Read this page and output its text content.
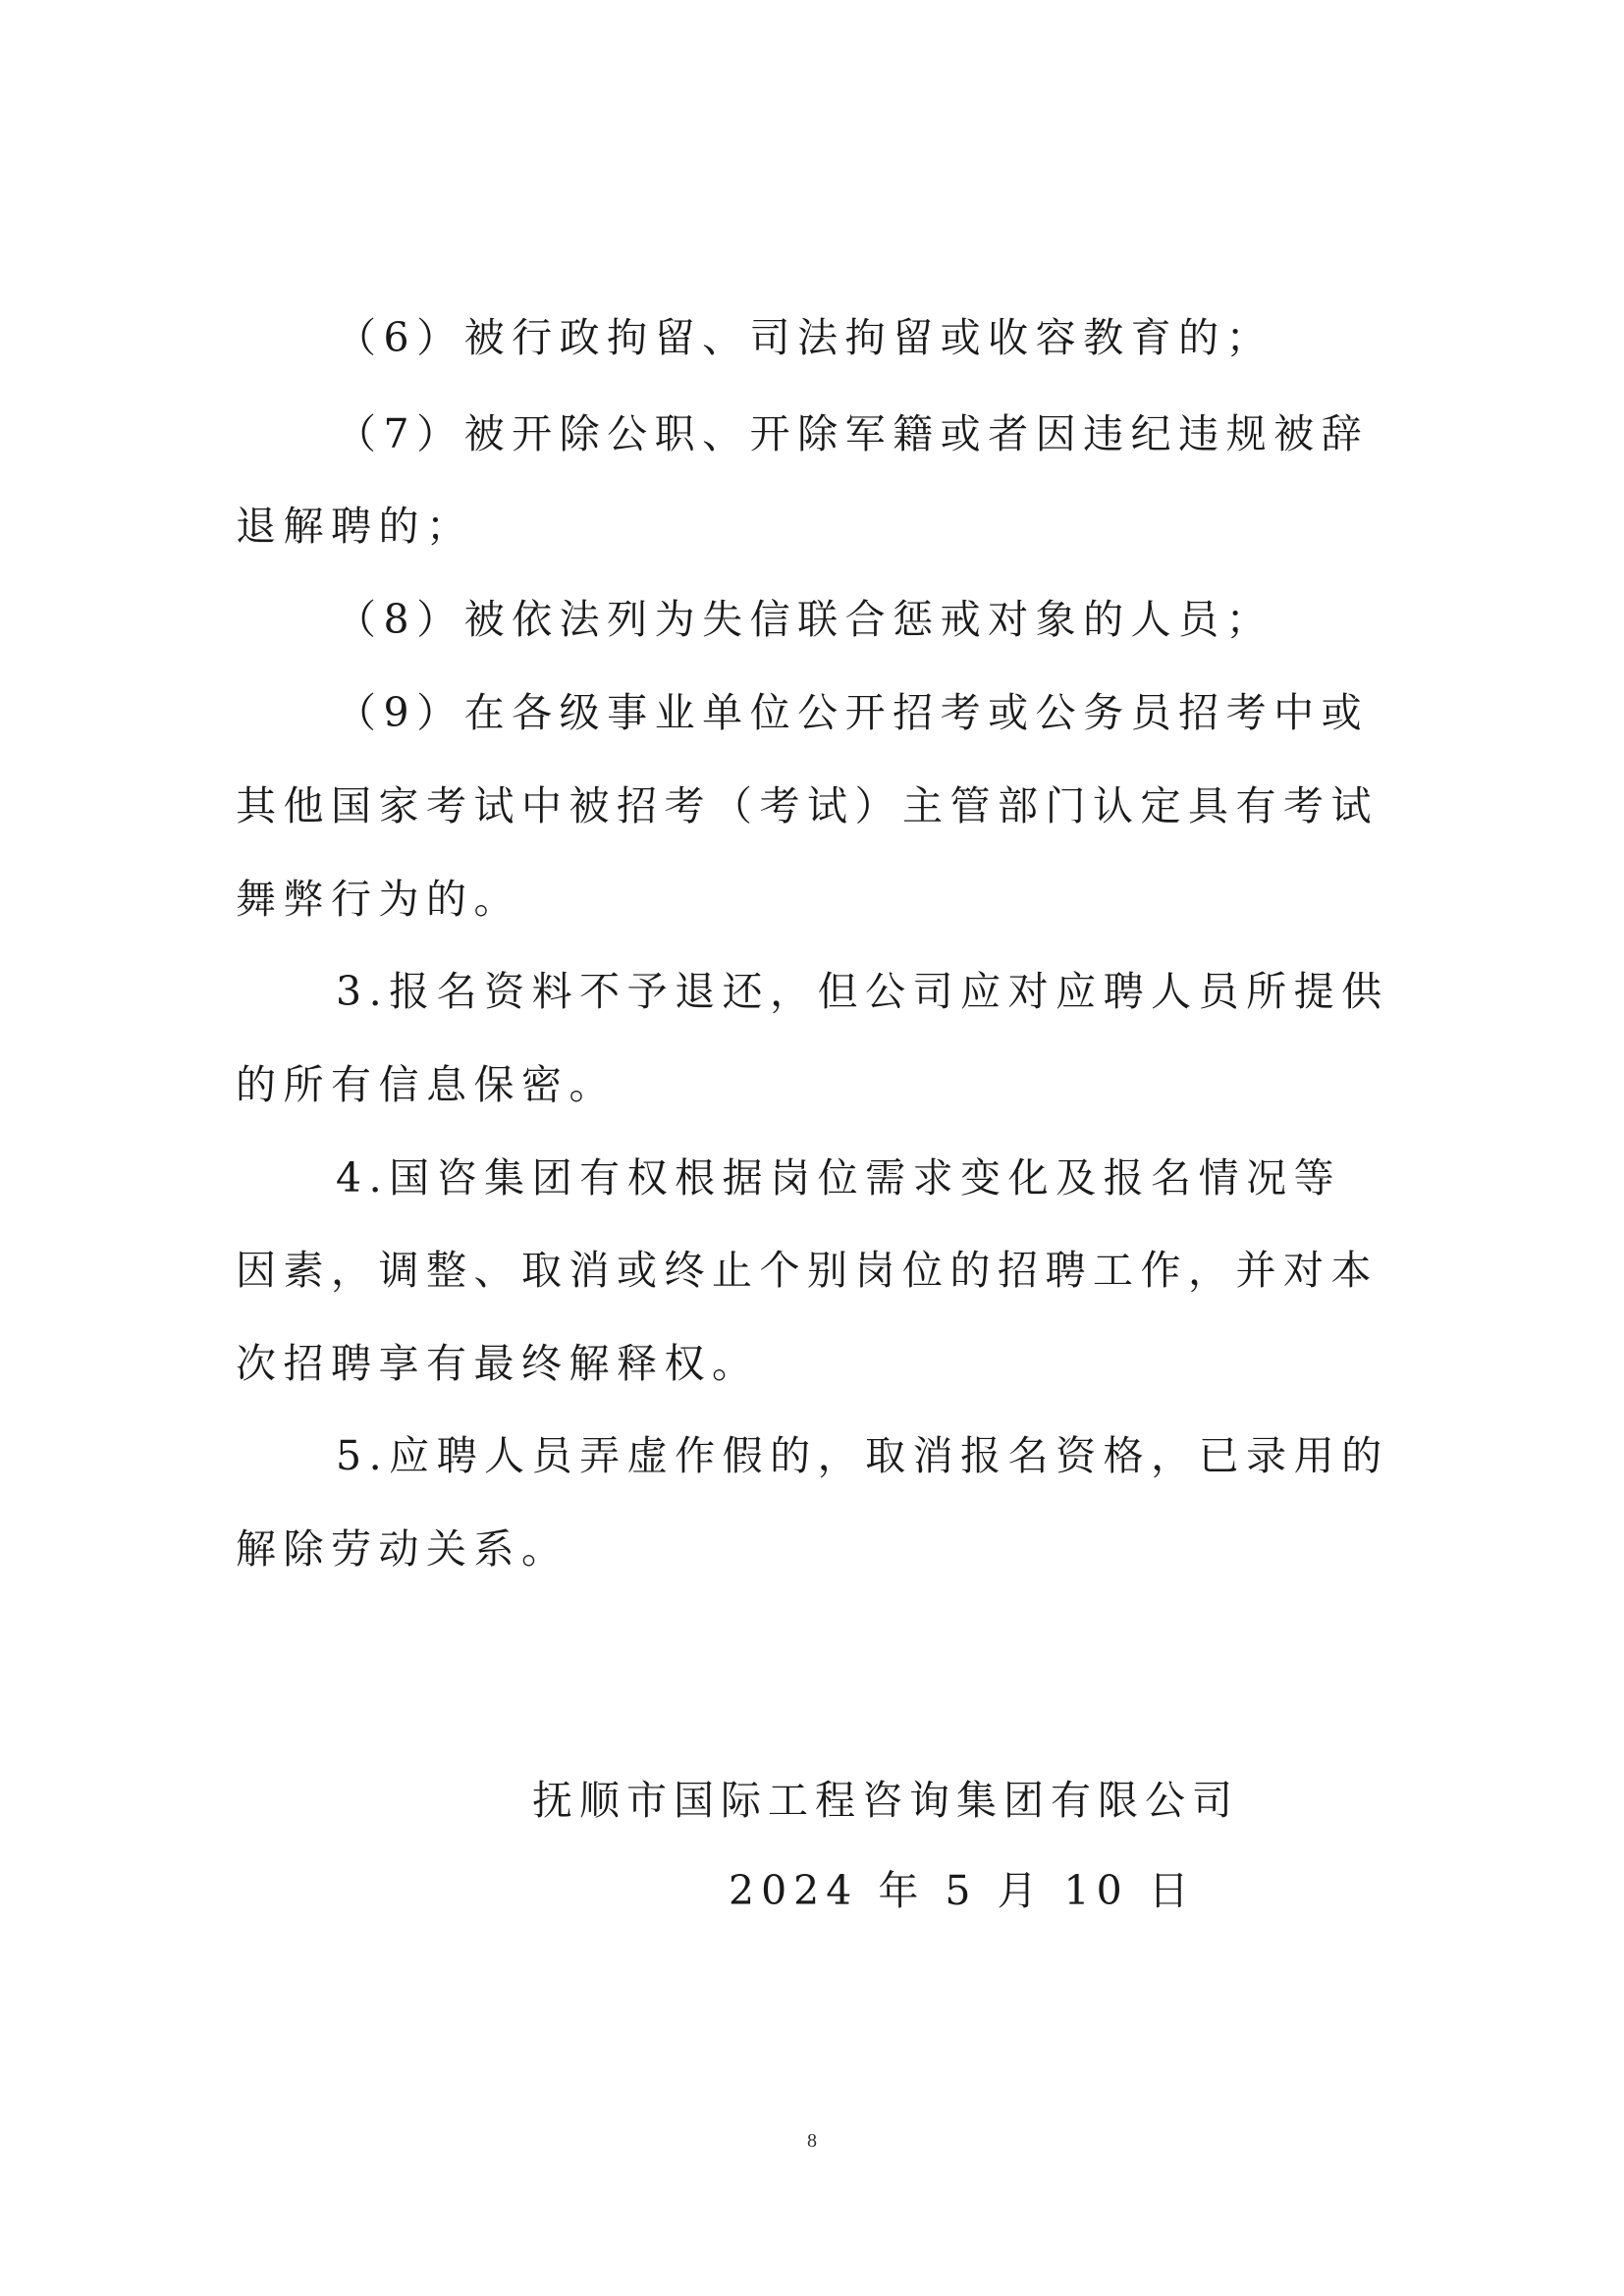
（6）被行政拘留、司法拘留或收容教育的；

（7）被开除公职、开除军籍或者因违纪违规被辞

退解聘的；

（8）被依法列为失信联合惩戒对象的人员；

（9）在各级事业单位公开招考或公务员招考中或

其他国家考试中被招考（考试）主管部门认定具有考试

舞弊行为的。

3.报名资料不予退还，但公司应对应聘人员所提供

的所有信息保密。

4.国咨集团有权根据岗位需求变化及报名情况等

因素，调整、取消或终止个别岗位的招聘工作，并对本

次招聘享有最终解释权。

5.应聘人员弄虚作假的，取消报名资格，已录用的

解除劳动关系。

抚顺市国际工程咨询集团有限公司

2024 年 5 月 10 日

8
